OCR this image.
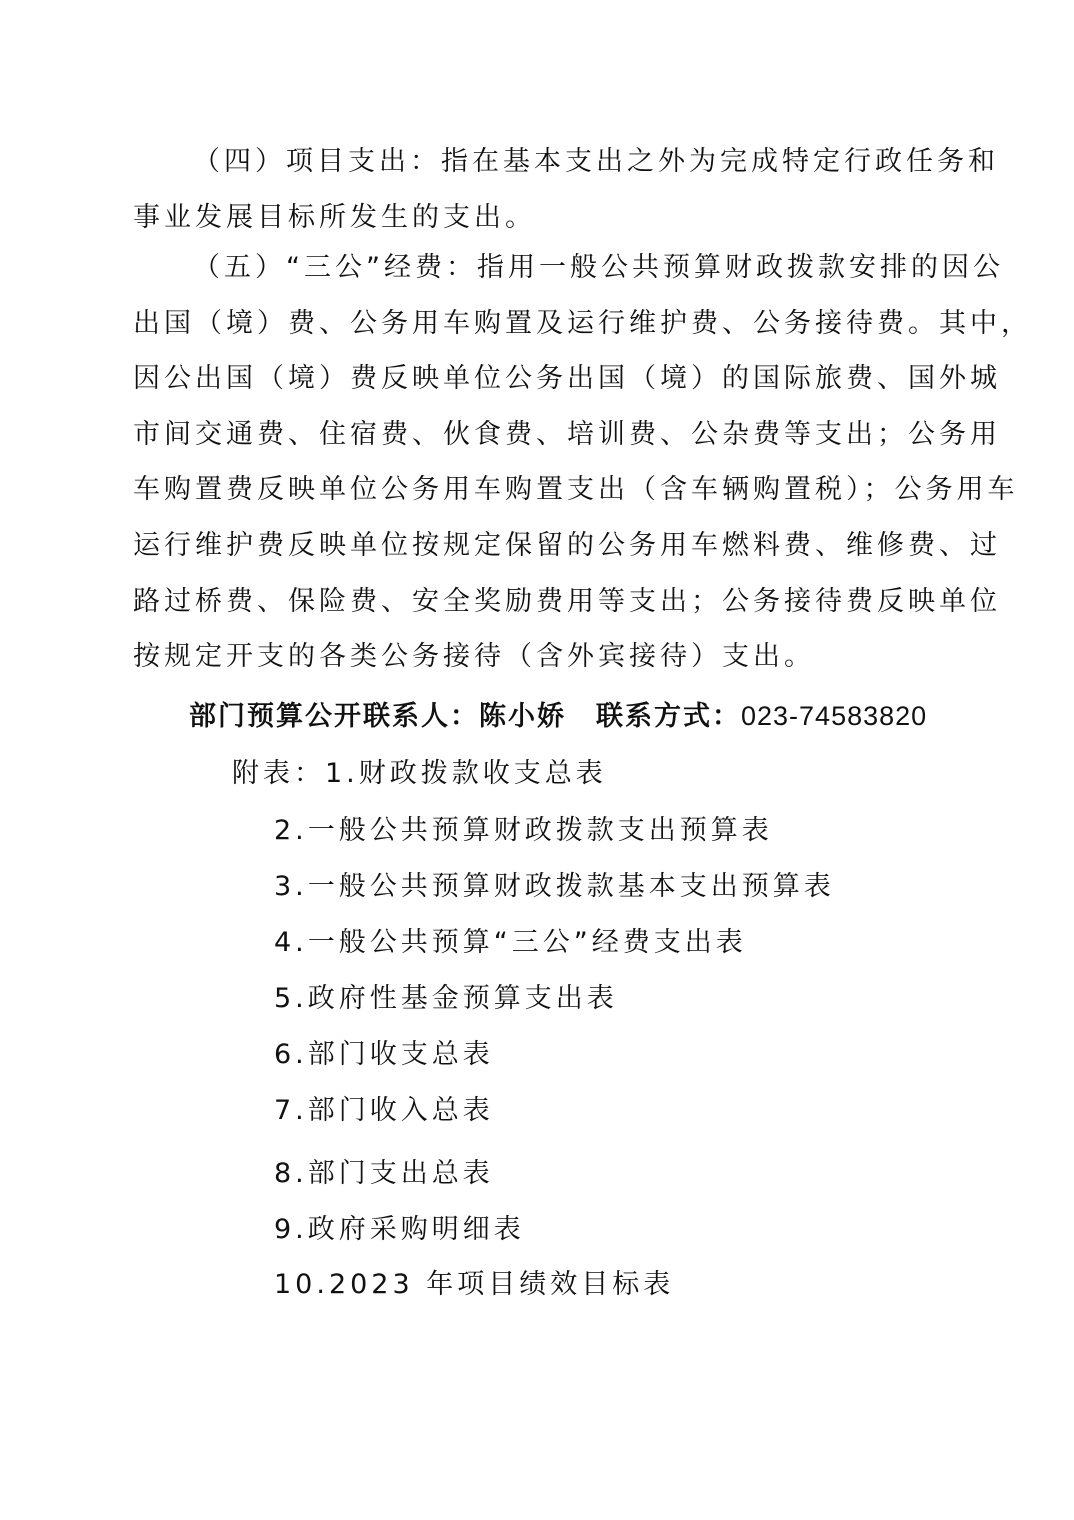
（四）项目支出：指在基本支出之外为完成特定行政任务和

事业发展目标所发生的支出。

（五）“三公”经费：指用一般公共预算财政拨款安排的因公

出国（境）费、公务用车购置及运行维护费、公务接待费。其中，

因公出国（境）费反映单位公务出国（境）的国际旅费、国外城

市间交通费、住宿费、伙食费、培训费、公杂费等支出；公务用

车购置费反映单位公务用车购置支出（含车辆购置税）；公务用车

运行维护费反映单位按规定保留的公务用车燃料费、维修费、过

路过桥费、保险费、安全奖励费用等支出；公务接待费反映单位

按规定开支的各类公务接待（含外宾接待）支出。

部门预算公开联系人：陈小娇 联系方式：023-74583820
附表：1.财政拨款收支总表
2.一般公共预算财政拨款支出预算表
3.一般公共预算财政拨款基本支出预算表
4.一般公共预算“三公”经费支出表
5.政府性基金预算支出表
6.部门收支总表
7.部门收入总表
8.部门支出总表
9.政府采购明细表
10.2023 年项目绩效目标表
